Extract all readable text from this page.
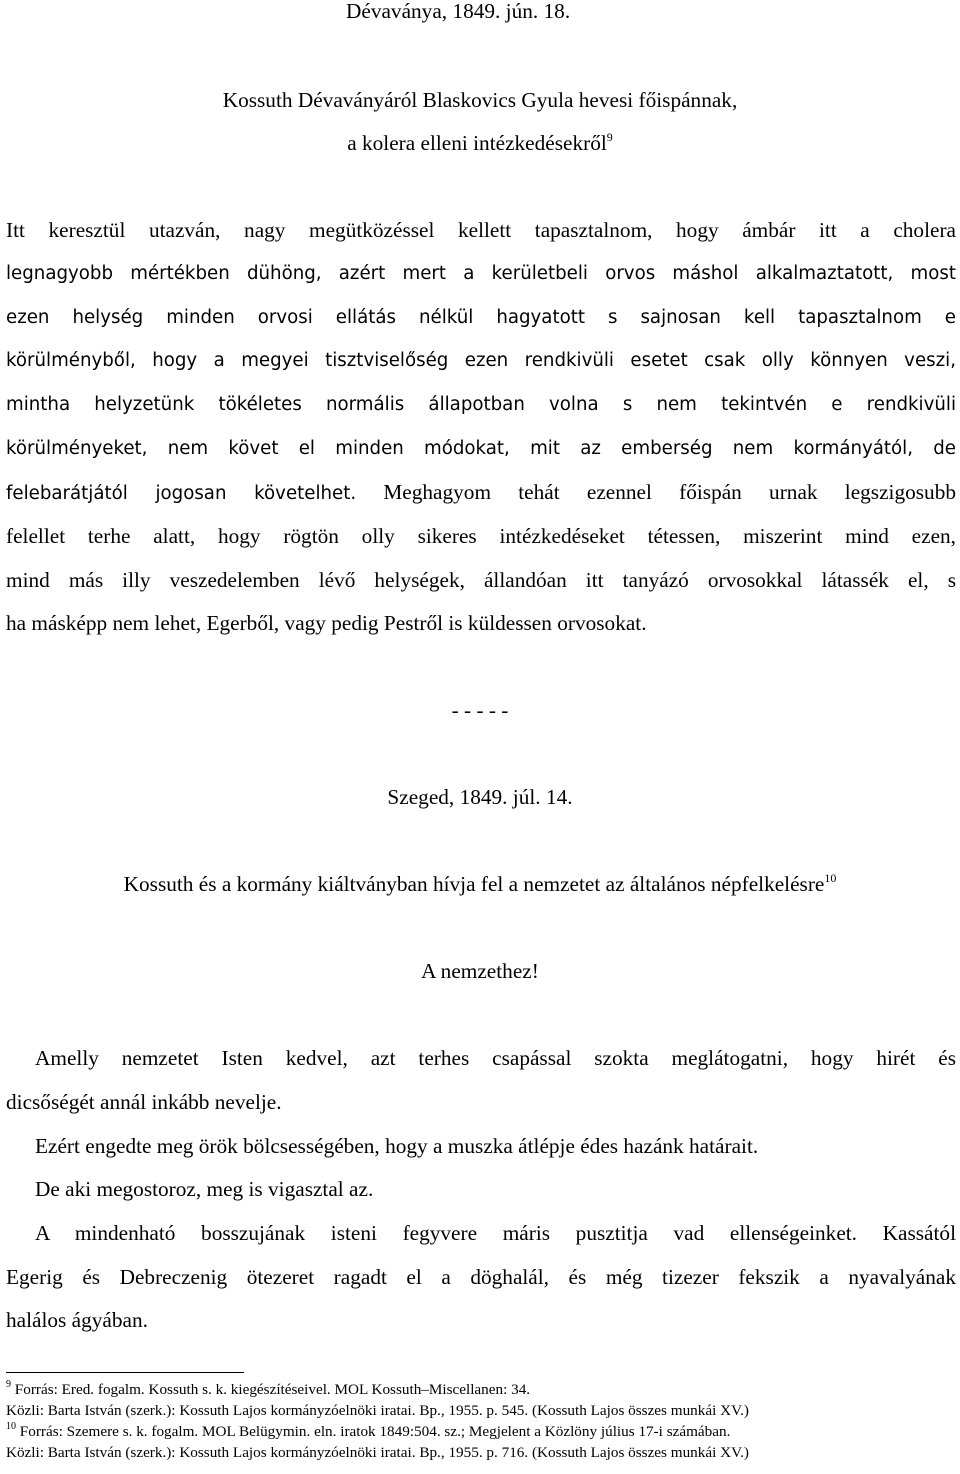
Dévaványa, 1849. jún. 18.

Kossuth Dévaványáról Blaskovics Gyula hevesi főispánnak,

a kolera elleni intézkedésekről$^9$

Itt keresztül utazván, nagy megütközéssel kellett tapasztalnom, hogy ámbár itt a cholera

legnagyobb mértékben dühöng, azért mert a kerületbeli orvos máshol alkalmaztatott, most

ezen helység minden orvosi ellátás nélkül hagyatott s sajnosan kell tapasztalnom e

körülményből, hogy a megyei tisztviselőség ezen rendkivüli esetet csak olly könnyen veszi,

mintha helyzetünk tökéletes normális állapotban volna s nem tekintvén e rendkivüli

körülményeket, nem követ el minden módokat, mit az emberség nem kormányától, de

felebarátjától jogosan követelhet. Meghagyom tehát ezennel főispán urnak legszigosubb

felellet terhe alatt, hogy rögtön olly sikeres intézkedéseket tétessen, miszerint mind ezen,

mind más illy veszedelemben lévő helységek, állandóan itt tanyázó orvosokkal látassék el, s

ha másképp nem lehet, Egerből, vagy pedig Pestről is küldessen orvosokat.

- - - - -

Szeged, 1849. júl. 14.

Kossuth és a kormány kiáltványban hívja fel a nemzetet az általános népfelkelésre$^{10}$

A nemzethez!

Amelly nemzetet Isten kedvel, azt terhes csapással szokta meglátogatni, hogy hirét és

dicsőségét annál inkább nevelje.

Ezért engedte meg örök bölcsességében, hogy a muszka átlépje édes hazánk határait.

De aki megostoroz, meg is vigasztal az.

A mindenható bosszujának isteni fegyvere máris pusztitja vad ellenségeinket. Kassától

Egerig és Debreczenig ötezeret ragadt el a döghalál, és még tizezer fekszik a nyavalyának

halálos ágyában.

$^9$ Forrás: Ered. fogalm. Kossuth s. k. kiegészítéseivel. MOL Kossuth–Miscellanen: 34.

Közli: Barta István (szerk.): Kossuth Lajos kormányzóelnöki iratai. Bp., 1955. p. 545. (Kossuth Lajos összes munkái XV.)

$^{10}$ Forrás: Szemere s. k. fogalm. MOL Belügymin. eln. iratok 1849:504. sz.; Megjelent a Közlöny július 17-i számában.

Közli: Barta István (szerk.): Kossuth Lajos kormányzóelnöki iratai. Bp., 1955. p. 716. (Kossuth Lajos összes munkái XV.)
